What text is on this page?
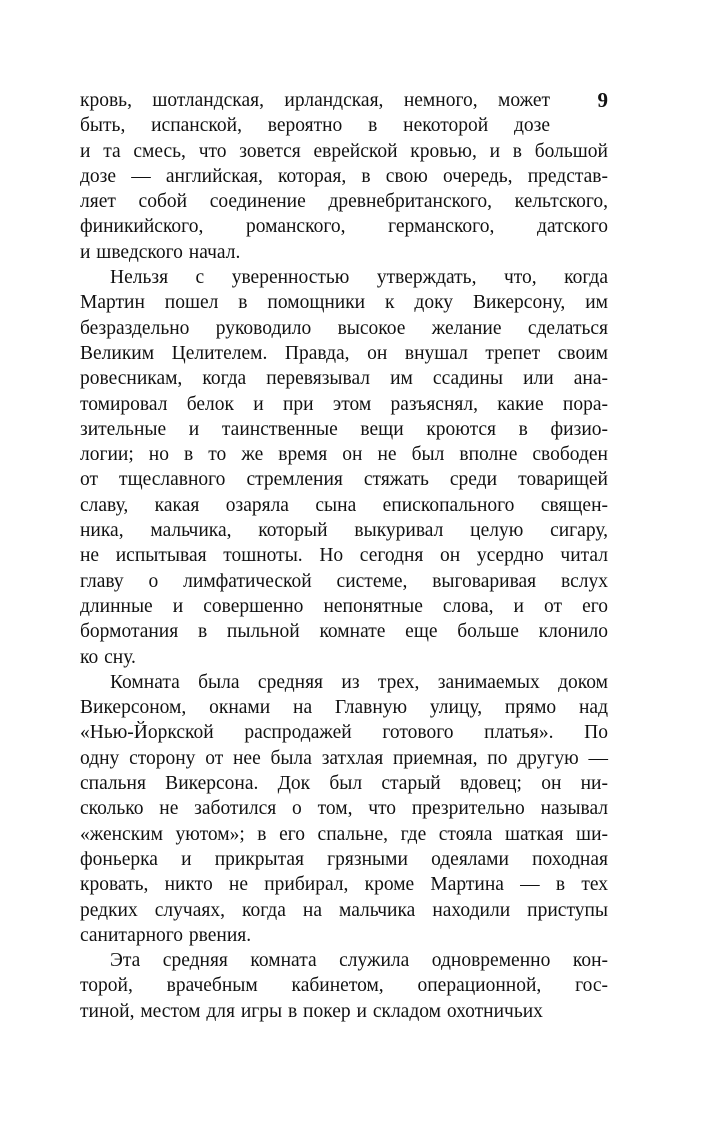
9
кровь, шотландская, ирландская, немного, может
быть, испанской, вероятно в некоторой дозе
и та смесь, что зовется еврейской кровью, и в большой
дозе — английская, которая, в свою очередь, представ-
ляет собой соединение древнебританского, кельтского,
финикийского, романского, германского, датского
и шведского начал.
Нельзя с уверенностью утверждать, что, когда
Мартин пошел в помощники к доку Викерсону, им
безраздельно руководило высокое желание сделаться
Великим Целителем. Правда, он внушал трепет своим
ровесникам, когда перевязывал им ссадины или ана-
томировал белок и при этом разъяснял, какие пора-
зительные и таинственные вещи кроются в физио-
логии; но в то же время он не был вполне свободен
от тщеславного стремления стяжать среди товарищей
славу, какая озаряла сына епископального священ-
ника, мальчика, который выкуривал целую сигару,
не испытывая тошноты. Но сегодня он усердно читал
главу о лимфатической системе, выговаривая вслух
длинные и совершенно непонятные слова, и от его
бормотания в пыльной комнате еще больше клонило
ко сну.
Комната была средняя из трех, занимаемых доком
Викерсоном, окнами на Главную улицу, прямо над
«Нью-Йоркской распродажей готового платья». По
одну сторону от нее была затхлая приемная, по другую —
спальня Викерсона. Док был старый вдовец; он ни-
сколько не заботился о том, что презрительно называл
«женским уютом»; в его спальне, где стояла шаткая ши-
фоньерка и прикрытая грязными одеялами походная
кровать, никто не прибирал, кроме Мартина — в тех
редких случаях, когда на мальчика находили приступы
санитарного рвения.
Эта средняя комната служила одновременно кон-
торой, врачебным кабинетом, операционной, гос-
тиной, местом для игры в покер и складом охотничьих
